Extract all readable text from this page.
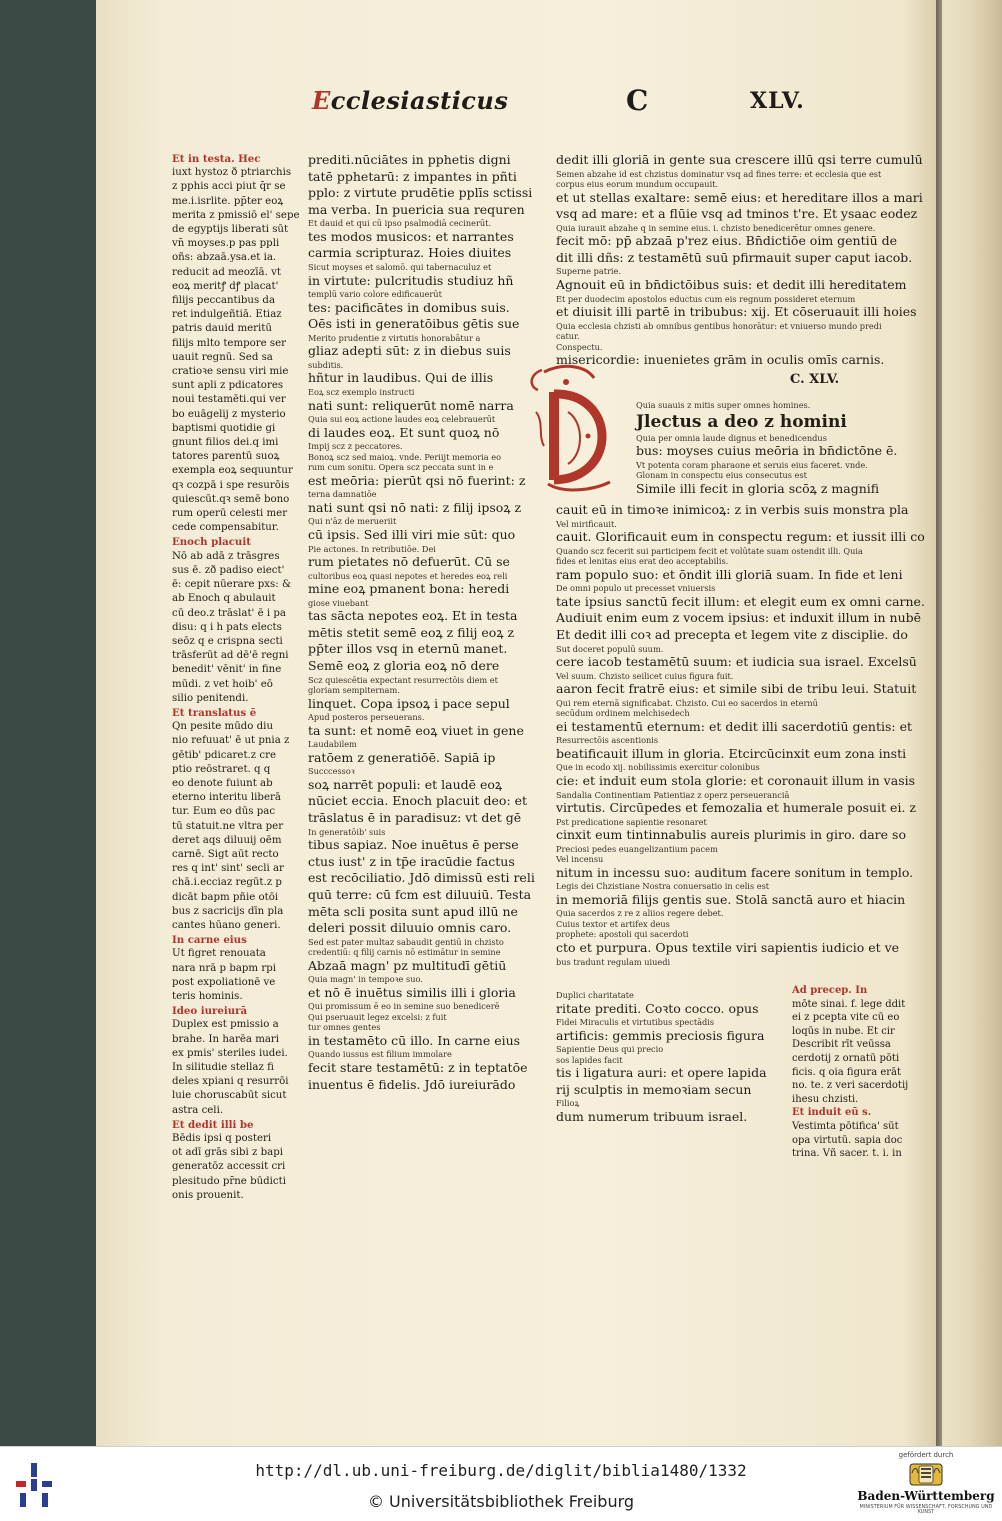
Ecclesiasticus	C	XLV.

Et in testa. Hec

iuxt hystoz ð ptriarchis

z pphis acci piut q̄r se

me.i.isrlite. pp̄ter eoꝝ

merita z pmissiō el' sepe

de egyptijs liberati sūt

vn̄ moyses.p pas ppli

oñs: abzaā.ysa.et ia.

reducit ad meozīā. vt

eoꝝ meritꝭ dꝭ placat'

filijs peccantibus da

ret indulgeñtiā. Etiaz

patris dauid meritū

filijs mlto tempore ser

uauit regnū. Sed sa

cratioꝛe sensu viri mie

sunt apli z pdicatores

noui testamēti.qui ver

bo euāgelij z mysterio

baptismi quotidie gi

gnunt filios dei.q imi

tatores parentū suoꝝ

exempla eoꝝ sequuntur

qꝛ cozpā i spe resurōis

quiescūt.qꝛ semē bono

rum operū celesti mer

cede compensabitur.

Enoch placuit

Nō ab adā z trāsgres

sus ē. zð padiso eiect'

ē: cepit nūerare pxs: &

ab Enoch q abulauit

cū deo.z trāslat' ē i pa

disu: q i h pats elects

seōz q e crispna secti

trāsferūt ad dē'ē regni

benedit' vēnit' in fine

mūdi. z vet hoib' eō

silio penitendi.

Et translatus ē

Qn pesite mūdo diu

nio refuuat' ē ut pnia z

gētib' pdicaret.z cre

ptio reōstraret. q q

eo denote fuiunt ab

eterno interitu liberā

tur. Eum eo dūs pac

tū statuit.ne vltra per

deret aqs diluuij oēm

carnē. Sigt aūt recto

res q int' sint' secli ar

chā.i.ecciaz regūt.z p

dicāt bapm pñie otōi

bus z sacricijs dīn pla

cantes hūano generi.

In carne eius

Ut figret renouata

nara nrā p bapm rpi

post expoliationē ve

teris hominis.

Ideo iureiurā

Duplex est pmissio a

brahe. In harēa mari

ex pmis' steriles iudei.

In silitudie stellaz fi

deles xpiani q resurrōi

luie choruscabūt sicut

astra celi.

Et dedit illi be

Bēdis ipsi q posteri

ot adī grās sibi z bapi

generatōz accessit cri

plesitudo pr̄ne būdicti

onis prouenit.

prediti.nūciātes in pphetis digni

tatē pphetarū: z impantes in pñti

pplo: z virtute prudētie pplīs sctissi

ma verba. In puericia sua requren

Et dauid et qui cū ipso psalmodiā cecinerūt.

tes modos musicos: et narrantes

carmia scripturaz. Hoies diuites

Sicut moyses et salomō. qui tabernaculuz et

in virtute: pulcritudis studiuz hñ

templū vario colore edificauerūt

tes: pacificātes in domibus suis.

Oēs isti in generatōibus gētis sue

Merito prudentie z virtutis honorabātur a

gliaz adepti sūt: z in diebus suis

subditis.

hñtur in laudibus. Qui de illis

Eoꝝ scz exemplo instructi

nati sunt: reliquerūt nomē narra

Quia sui eoꝝ actione laudes eoꝝ celebrauerūt

di laudes eoꝝ. Et sunt quoꝝ nō

Impij scz z peccatores.

Bonoꝝ scz sed maioꝝ. vnde. Periijt memoria eo

rum cum sonitu. Opera scz peccata sunt in e

est meōria: pierūt qsi nō fuerint: z

terna damnatiōe

nati sunt qsi nō nati: z filij ipsoꝝ z

Qui n'āz de merueriit

cū ipsis. Sed illi viri mie sūt: quo

Pie actones. In retributiōe. Dei

rum pietates nō defuerūt. Cū se

cultoribus eoꝝ quasi nepotes et heredes eoꝝ reli

mine eoꝝ pmanent bona: heredi

giose viuebant

tas sācta nepotes eoꝝ. Et in testa

mētis stetit semē eoꝝ z filij eoꝝ z

pp̄ter illos vsq in eternū manet.

Semē eoꝝ z gloria eoꝝ nō dere

Scz quiescētia expectant resurrectōis diem et

gloriam sempiternam.

linquet. Copa ipsoꝝ i pace sepul

Apud posteros perseuerans.

ta sunt: et nomē eoꝝ viuet in gene

Laudabilem

ratōem z generatiōē. Sapiā ip

Succcessoꝛ

soꝝ narrēt populi: et laudē eoꝝ

nūciet eccia. Enoch placuit deo: et

trāslatus ē in paradisuz: vt det gē

In generatōib' suis

tibus sapiaz. Noe inuētus ē perse

ctus iust' z in tp̄e iracūdie factus

est recōciliatio. Jdō dimissū esti reli

quū terre: cū fcm est diluuiū. Testa

mēta scli posita sunt apud illū ne

deleri possit diluuio omnis caro.

Sed est pater multaz sabaudit gentiū in chzisto

credentiū: q filij carnis nō estimātur in semine

Abzaā magn' pz multitudī gētiū

Quia magn' in tempoꝛe suo.

et nō ē inuētus similis illi i gloria

Qui promissum ē eo in semine suo benedicerē

Qui pseruauit legez excelsi: z fuit

tur omnes gentes

in testamēto cū illo. In carne eius

Quando iussus est filium immolare

fecit stare testamētū: z in teptatōe

inuentus ē fidelis. Jdō iureiurādo

dedit illi gloriā in gente sua crescere illū qsi terre cumulū

Semen abzahe id est chzistus dominatur vsq ad fines terre: et ecclesia que est

corpus eius eorum mundum occupauit.

et ut stellas exaltare: semē eius: et hereditare illos a mari

vsq ad mare: et a flūie vsq ad tminos t're. Et ysaac eodez

Quia iurauit abzahe q in semine eius. i. chzisto benedicerētur omnes genere.

fecit mō: pp̄ abzaā p'rez eius. Bn̄dictiōe oim gentiū de

dit illi dñs: z testamētū suū pfirmauit super caput iacob.

Superne patrie.

Agnouit eū in bn̄dictōibus suis: et dedit illi hereditatem

Et per duodecim apostolos eductus cum eis regnum possideret eternum

et diuisit illi partē in tribubus: xij. Et cōseruauit illi hoies

Quia ecclesia chzisti ab omnibus gentibus honorātur: et vniuerso mundo predi

catur.

Conspectu.

misericordie: inuenietes grām in oculis omīs carnis.

C. XLV.

Quia suauis z mitis super omnes homines.

Jlectus a deo z homini

Quia per omnia laude dignus et benedicendus

bus: moyses cuius meōria in bn̄dictōne ē.

Vt potenta coram pharaone et seruis eius faceret. vnde.

Glonam in conspectu eius consecutus est

Simile illi fecit in gloria scōꝝ z magnifi

cauit eū in timoꝛe inimicoꝝ: z in verbis suis monstra pla

Vel mirificauit.

cauit. Glorificauit eum in conspectu regum: et iussit illi co

Quando scz fecerit sui participem fecit et volūtate suam ostendit illi. Quia

fides et lenitas eius erat deo acceptabilis.

ram populo suo: et ōndit illi gloriā suam. In fide et leni

De omni populo ut precesset vniuersis

tate ipsius sanctū fecit illum: et elegit eum ex omni carne.

Audiuit enim eum z vocem ipsius: et induxit illum in nubē

Et dedit illi coꝛ ad precepta et legem vite z disciplie. do

Sut doceret populū suum.

cere iacob testamētū suum: et iudicia sua israel. Excelsū

Vel suum. Chzisto seilicet cuius figura fuit.

aaron fecit fratrē eius: et simile sibi de tribu leui. Statuit

Qui rem eternā significabat. Chzisto. Cui eo sacerdos in eternū

secūdum ordinem melchisedech

ei testamentū eternum: et dedit illi sacerdotiū gentis: et

Resurrectōis ascentionis

beatificauit illum in gloria. Etcircūcinxit eum zona insti

Que in ecodo xij. nobilissimis exercitur colonibus

cie: et induit eum stola glorie: et coronauit illum in vasis

Sandalia Continentiam Patientiaz z operz perseueranciā

virtutis. Circūpedes et femozalia et humerale posuit ei. z

Pst predicatione sapientie resonaret

cinxit eum tintinnabulis aureis plurimis in giro. dare so

Preciosi pedes euangelizantium pacem

Vel incensu

nitum in incessu suo: auditum facere sonitum in templo.

Legis dei Chzistiane Nostra conuersatio in celis est

in memoriā filijs gentis sue. Stolā sanctā auro et hiacin

Quia sacerdos z re z aliios regere debet.

Cuius textor et artifex deus

prophete: apostoli qui sacerdoti

cto et purpura. Opus textile viri sapientis iudicio et ve

bus tradunt regulam uiuedi

Duplici charitatate

ritate prediti. Coꝛto cocco. opus

Fidei Miraculis et virtutibus spectādis

artificis: gemmis preciosis figura

Sapientie Deus qui precio

sos lapides facit

tis i ligatura auri: et opere lapida

rij sculptis in memoꝛiam secun

Filioꝝ

dum numerum tribuum israel.

Ad precep. In

mōte sinai. f. lege ddit

ei z pcepta vite cū eo

loqūs in nube. Et cir

Describit rīt veūssa

cerdotij z ornatū pōti

ficis. q oia figura erāt

no. te. z veri sacerdotij

ihesu chzisti.

Et induit eū s.

Vestimta pōtifica' sūt

opa virtutū. sapia doc

trina. Vñ sacer. t. i. in

http://dl.ub.uni-freiburg.de/diglit/biblia1480/1332
© Universitätsbibliothek Freiburg
gefördert durch
Baden-Württemberg
MINISTERIUM FÜR WISSENSCHAFT, FORSCHUNG UND KUNST
